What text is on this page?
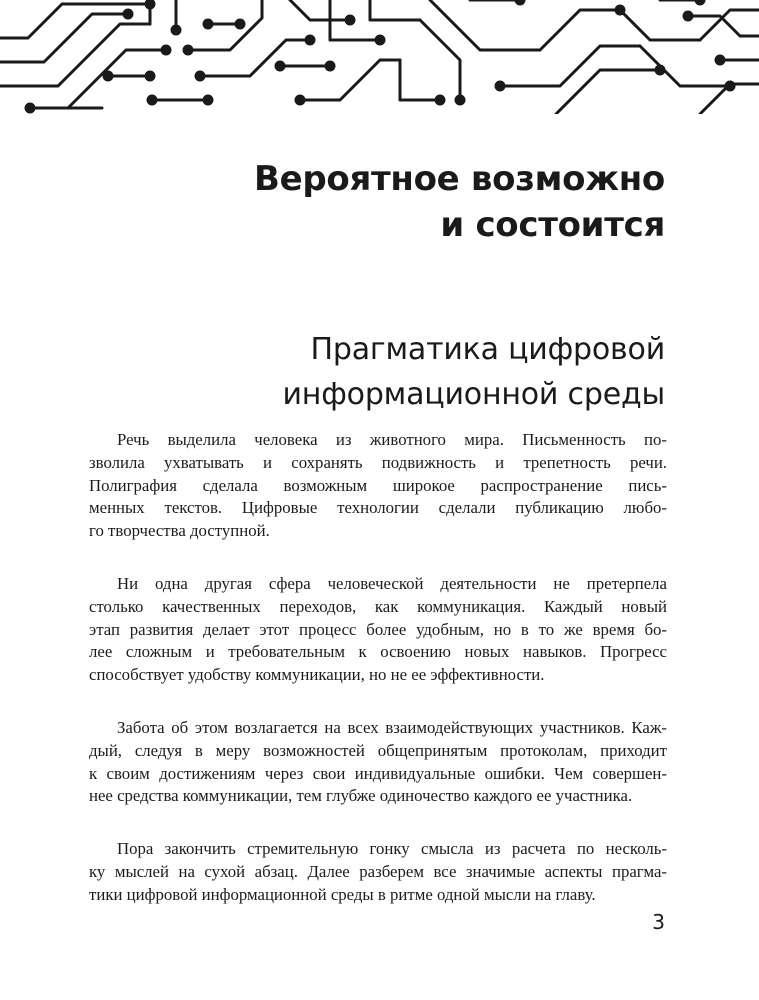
Вероятное возможно
и состоится
Прагматика цифровой
информационной среды

Речь выделила человека из животного мира. Письменность по-
зволила ухватывать и сохранять подвижность и трепетность речи.
Полиграфия сделала возможным широкое распространение пись-
менных текстов. Цифровые технологии сделали публикацию любо-
го творчества доступной.

Ни одна другая сфера человеческой деятельности не претерпела
столько качественных переходов, как коммуникация. Каждый новый
этап развития делает этот процесс более удобным, но в то же время бо-
лее сложным и требовательным к освоению новых навыков. Прогресс
способствует удобству коммуникации, но не ее эффективности.

Забота об этом возлагается на всех взаимодействующих участников. Каж-
дый, следуя в меру возможностей общепринятым протоколам, приходит
к своим достижениям через свои индивидуальные ошибки. Чем совершен-
нее средства коммуникации, тем глубже одиночество каждого ее участника.

Пора закончить стремительную гонку смысла из расчета по несколь-
ку мыслей на сухой абзац. Далее разберем все значимые аспекты прагма-
тики цифровой информационной среды в ритме одной мысли на главу.

3
